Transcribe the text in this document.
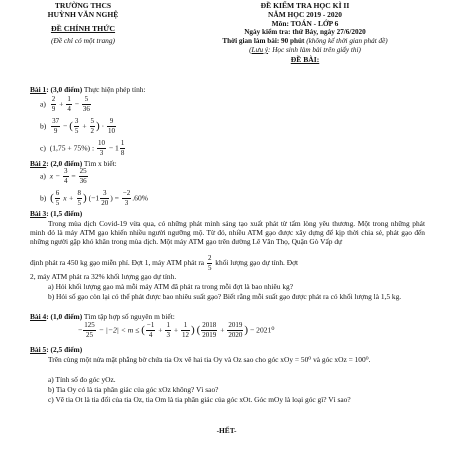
TRƯỜNG THCS
HUỲNH VĂN NGHỆ
ĐỀ CHÍNH THỨC
(Đề chỉ có một trang)
ĐỀ KIỂM TRA HỌC KÌ II
NĂM HỌC 2019 - 2020
Môn: TOÁN - LỚP 6
Ngày kiểm tra: thứ Bảy, ngày 27/6/2020
Thời gian làm bài: 90 phút (không kể thời gian phát đề)
(Lưu ý: Học sinh làm bài trên giấy thi)
ĐỀ BÀI:
Bài 1: (3,0 điểm) Thực hiện phép tính:
$a) \frac{2}{9} + \frac{1}{4} - \frac{5}{36}$
$b) \frac{37}{9}$ − ( $\frac{3}{5} + \frac{5}{2}$ ) · $\frac{9}{10}$
c) (1,75 + 75%) : $\frac{10}{3} - 1 \frac{1}{8}$
Bài 2: (2,0 điểm) Tìm x biết:
a) $x - \frac{3}{4} = \frac{25}{36}$
b) ( $\frac{6}{5}$ $x + \frac{8}{5}$ ) ($-1 \frac{3}{20}$ ) = $\frac{-2}{3} .60\%$
Bài 3: (1,5 điểm)
Trong mùa dịch Covid-19 vừa qua, có những phát minh sáng tạo xuất phát từ tấm lòng yêu thương. Một trong những phát minh đó là máy ATM gạo khiến nhiều người ngưỡng mộ. Từ đó, nhiều ATM gạo được xây dựng để kịp thời chia sẻ, phát gạo đến những người gặp khó khăn trong mùa dịch. Một máy ATM gạo trên đường Lê Văn Thọ, Quận Gò Vấp dự
định phát ra 450 kg gạo miễn phí. Đợt 1, máy ATM phát ra $\frac{2}{5}$ khối lượng gạo dự tính. Đợt
2, máy ATM phát ra 32% khối lượng gạo dự tính.
a) Hỏi khối lượng gạo mà mỗi máy ATM đã phát ra trong mỗi đợt là bao nhiêu kg?
b) Hỏi số gạo còn lại có thể phát được bao nhiêu suất gạo? Biết rằng mỗi suất gạo được phát ra có khối lượng là 1,5 kg.
Bài 4: (1,0 điểm) Tìm tập hợp số nguyên m biết:
− $\frac{125}{25} - |-2| < m$ ≤ ( $\frac{-1}{4} + \frac{1}{3} + \frac{1}{12}$ ) ( $\frac{2018}{2019} + \frac{2019}{2020}$ ) − 2021⁰
Bài 5: (2,5 điểm)
Trên cùng một nửa mặt phẳng bờ chứa tia Ox vẽ hai tia Oy và Oz sao cho góc xOy = 50⁰ và góc xOz = 100⁰.
a) Tính số đo góc yOz.
b) Tia Oy có là tia phân giác của góc xOz không? Vì sao?
c) Vẽ tia Ot là tia đối của tia Oz, tia Om là tia phân giác của góc xOt. Góc mOy là loại góc gì? Vì sao?
-HẾT-
